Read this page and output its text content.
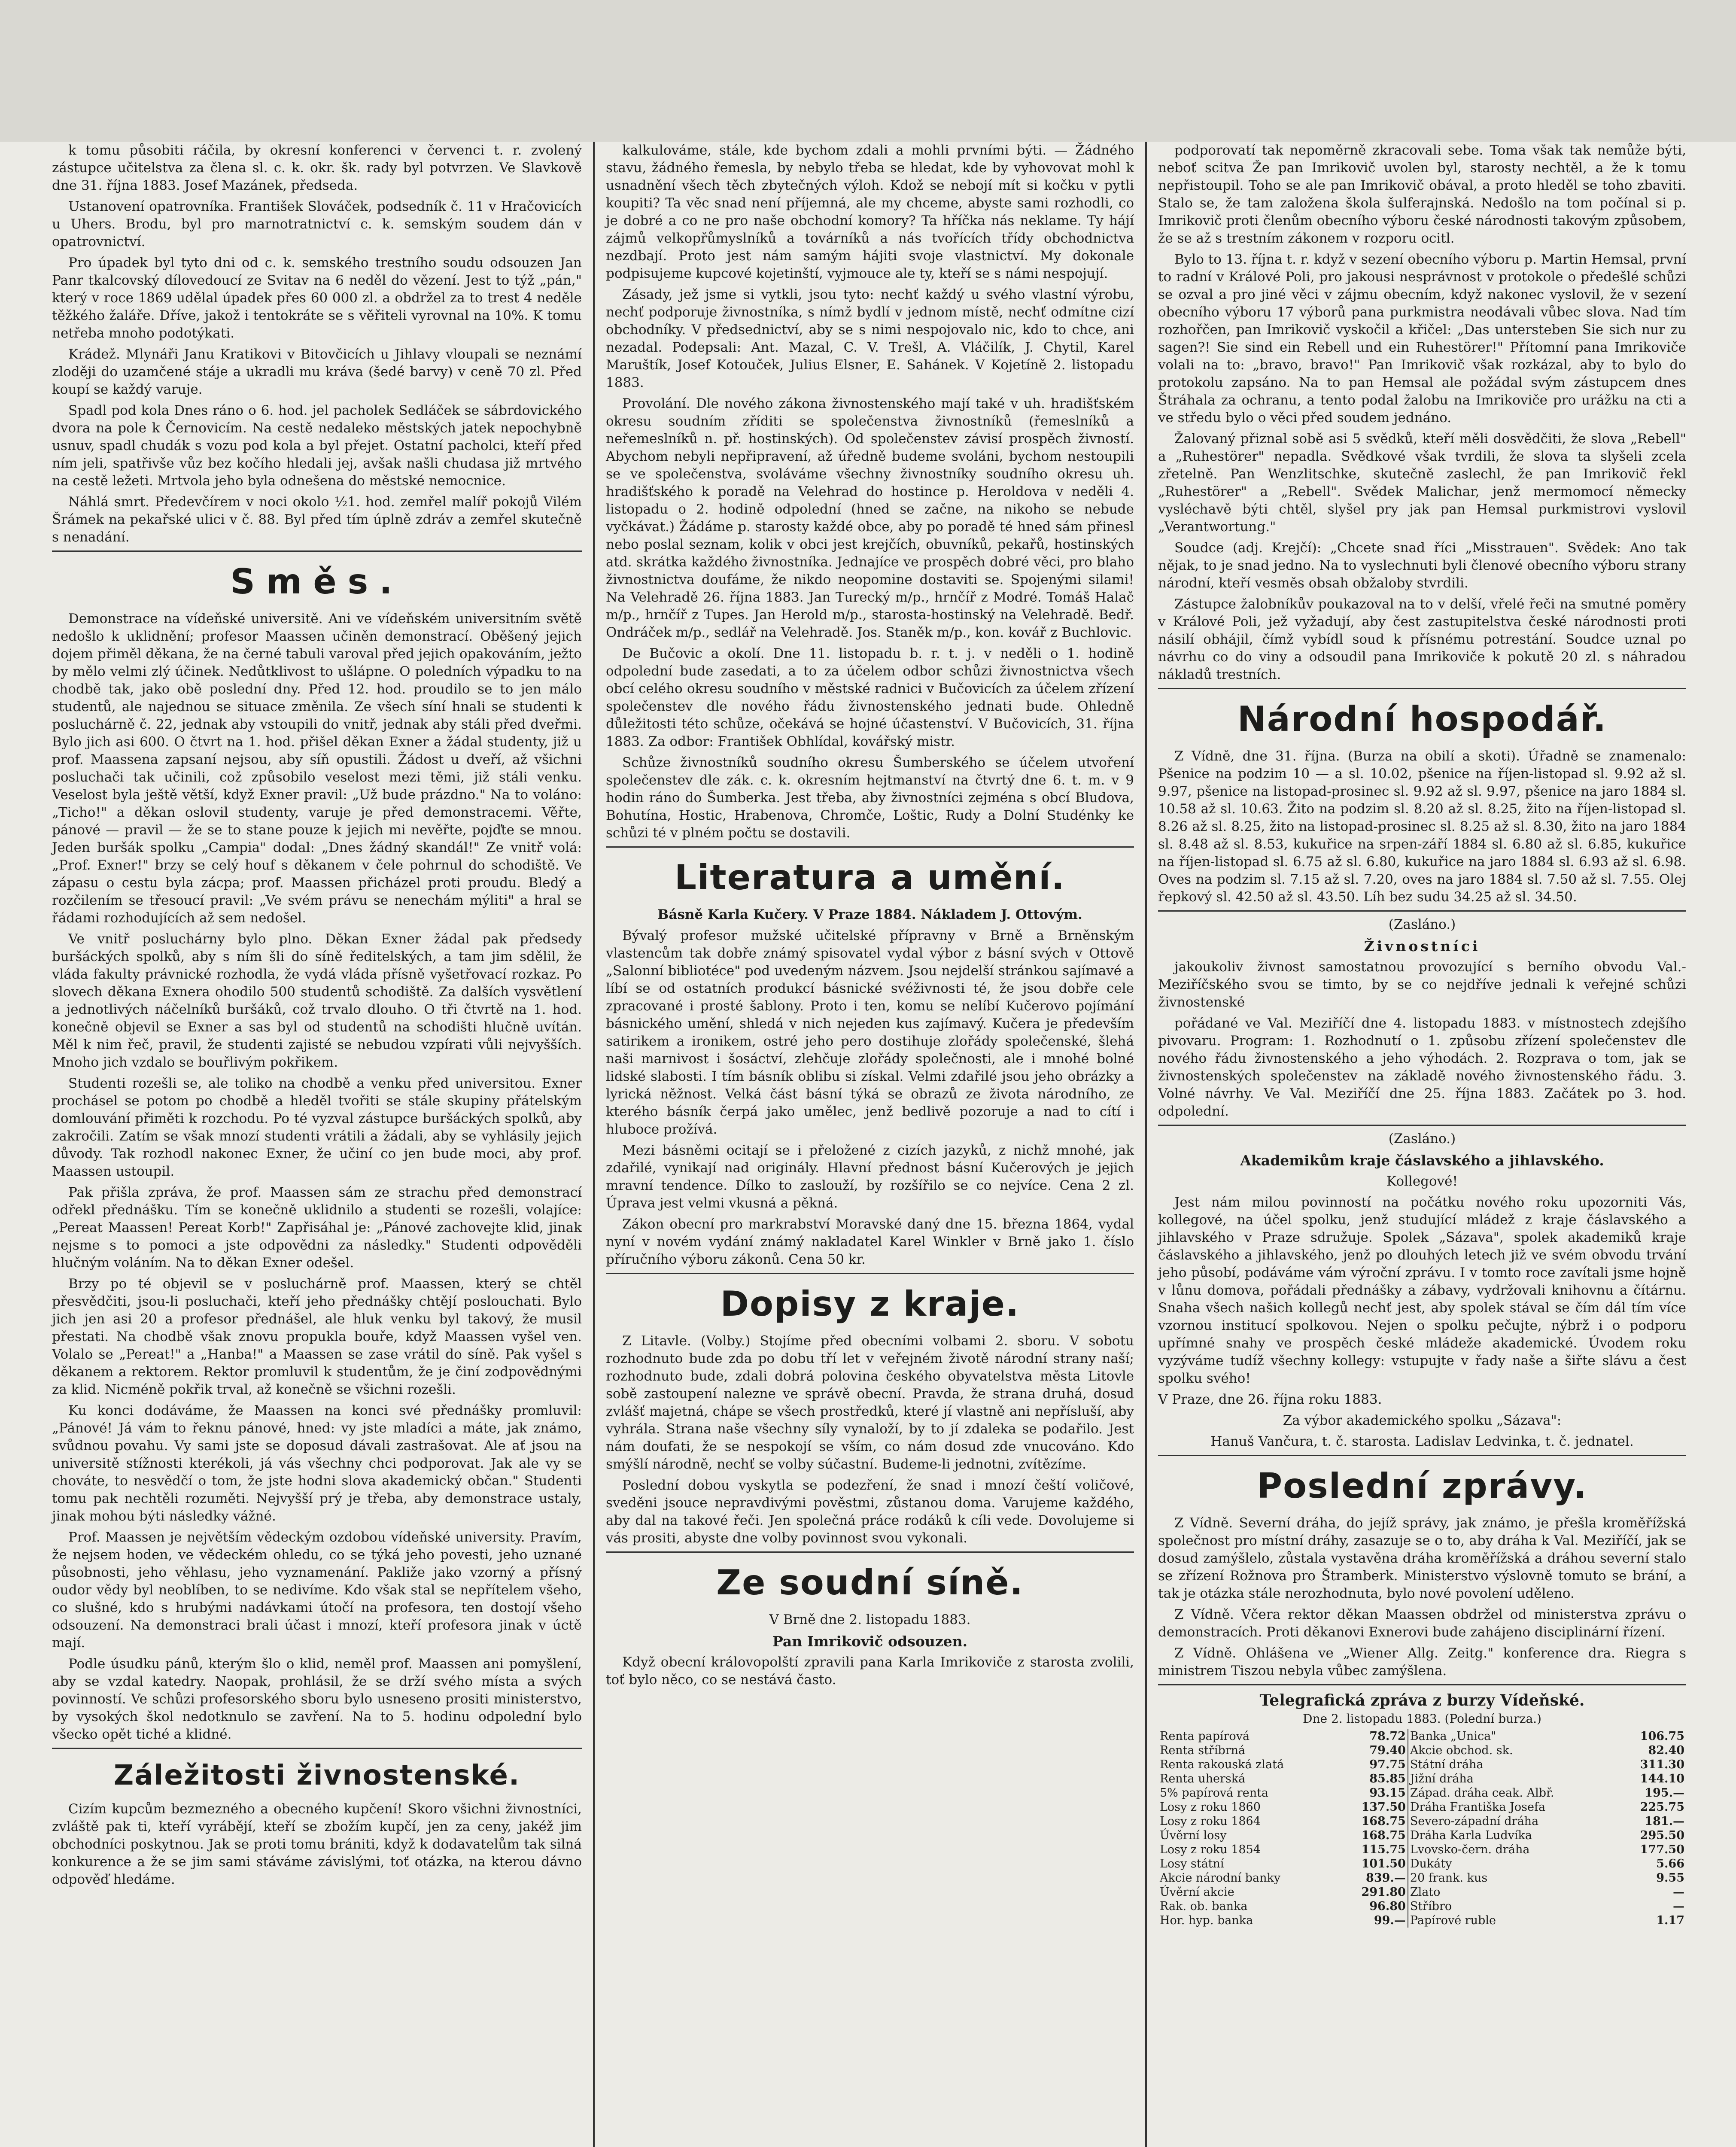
k tomu působiti ráčila, by okresní konferenci v červenci t. r. zvolený zástupce učitelstva za člena sl. c. k. okr. šk. rady byl potvrzen. Ve Slavkově dne 31. října 1883. Josef Mazánek, předseda.

Ustanovení opatrovníka. František Slováček, podsedník č. 11 v Hračovicích u Uhers. Brodu, byl pro marnotratnictví c. k. semským soudem dán v opatrovnictví.

Pro úpadek byl tyto dni od c. k. semského trestního soudu odsouzen Jan Panr tkalcovský dílovedoucí ze Svitav na 6 neděl do vězení. Jest to týž „pán," který v roce 1869 udělal úpadek přes 60 000 zl. a obdržel za to trest 4 neděle těžkého žaláře. Dříve, jakož i tentokráte se s věřiteli vyrovnal na 10%. K tomu netřeba mnoho podotýkati.

Krádež. Mlynáři Janu Kratikovi v Bitovčicích u Jihlavy vloupali se neznámí zloději do uzamčené stáje a ukradli mu kráva (šedé barvy) v ceně 70 zl. Před koupí se každý varuje.

Spadl pod kola Dnes ráno o 6. hod. jel pacholek Sedláček se sábrdovického dvora na pole k Černovicím. Na cestě nedaleko městských jatek nepochybně usnuv, spadl chudák s vozu pod kola a byl přejet. Ostatní pacholci, kteří před ním jeli, spatřivše vůz bez kočího hledali jej, avšak našli chudasa již mrtvého na cestě ležeti. Mrtvola jeho byla odnešena do městské nemocnice.

Náhlá smrt. Předevčírem v noci okolo ½1. hod. zemřel malíř pokojů Vilém Šrámek na pekařské ulici v č. 88. Byl před tím úplně zdráv a zemřel skutečně s nenadání.

Směs.

Demonstrace na vídeňské universitě. Ani ve vídeňském universitním světě nedošlo k uklidnění; profesor Maassen učiněn demonstrací. Oběšený jejich dojem přiměl děkana, že na černé tabuli varoval před jejich opakováním, ježto by mělo velmi zlý účinek. Nedůtklivost to ušlápne. O poledních výpadku to na chodbě tak, jako obě poslední dny. Před 12. hod. proudilo se to jen málo studentů, ale najednou se situace změnila. Ze všech síní hnali se studenti k posluchárně č. 22, jednak aby vstoupili do vnitř, jednak aby stáli před dveřmi. Bylo jich asi 600. O čtvrt na 1. hod. přišel děkan Exner a žádal studenty, již u prof. Maassena zapsaní nejsou, aby síň opustili. Žádost u dveří, až všichni posluchači tak učinili, což způsobilo veselost mezi těmi, již stáli venku. Veselost byla ještě větší, když Exner pravil: „Už bude prázdno." Na to voláno: „Ticho!" a děkan oslovil studenty, varuje je před demonstracemi. Věřte, pánové — pravil — že se to stane pouze k jejich mi nevěřte, pojďte se mnou. Jeden buršák spolku „Campia" dodal: „Dnes žádný skandál!" Ze vnitř volá: „Prof. Exner!" brzy se celý houf s děkanem v čele pohrnul do schodiště. Ve zápasu o cestu byla zácpa; prof. Maassen přicházel proti proudu. Bledý a rozčilením se třesoucí pravil: „Ve svém právu se nenechám mýliti" a hral se řádami rozhodujících až sem nedošel.

Ve vnitř posluchárny bylo plno. Děkan Exner žádal pak předsedy buršáckých spolků, aby s ním šli do síně ředitelských, a tam jim sdělil, že vláda fakulty právnické rozhodla, že vydá vláda přísně vyšetřovací rozkaz. Po slovech děkana Exnera ohodilo 500 studentů schodiště. Za dalších vysvětlení a jednotlivých náčelníků buršáků, což trvalo dlouho. O tři čtvrtě na 1. hod. konečně objevil se Exner a sas byl od studentů na schodišti hlučně uvítán. Měl k nim řeč, pravil, že studenti zajisté se nebudou vzpírati vůli nejvyšších. Mnoho jich vzdalo se bouřlivým pokřikem.

Studenti rozešli se, ale toliko na chodbě a venku před universitou. Exner prochásel se potom po chodbě a hleděl tvořiti se stále skupiny přátelským domlouvání přiměti k rozchodu. Po té vyzval zástupce buršáckých spolků, aby zakročili. Zatím se však mnozí studenti vrátili a žádali, aby se vyhlásily jejich důvody. Tak rozhodl nakonec Exner, že učiní co jen bude moci, aby prof. Maassen ustoupil.

Pak přišla zpráva, že prof. Maassen sám ze strachu před demonstrací odřekl přednášku. Tím se konečně uklidnilo a studenti se rozešli, volajíce: „Pereat Maassen! Pereat Korb!" Zapřisáhal je: „Pánové zachovejte klid, jinak nejsme s to pomoci a jste odpovědni za následky." Studenti odpověděli hlučným voláním. Na to děkan Exner odešel.

Brzy po té objevil se v posluchárně prof. Maassen, který se chtěl přesvědčiti, jsou-li posluchači, kteří jeho přednášky chtějí poslouchati. Bylo jich jen asi 20 a profesor přednášel, ale hluk venku byl takový, že musil přestati. Na chodbě však znovu propukla bouře, když Maassen vyšel ven. Volalo se „Pereat!" a „Hanba!" a Maassen se zase vrátil do síně. Pak vyšel s děkanem a rektorem. Rektor promluvil k studentům, že je činí zodpovědnými za klid. Nicméně pokřik trval, až konečně se všichni rozešli.

Ku konci dodáváme, že Maassen na konci své přednášky promluvil: „Pánové! Já vám to řeknu pánové, hned: vy jste mladíci a máte, jak známo, svůdnou povahu. Vy sami jste se doposud dávali zastrašovat. Ale ať jsou na universitě stížnosti kterékoli, já vás všechny chci podporovat. Jak ale vy se chováte, to nesvědčí o tom, že jste hodni slova akademický občan." Studenti tomu pak nechtěli rozuměti. Nejvyšší prý je třeba, aby demonstrace ustaly, jinak mohou býti následky vážné.

Prof. Maassen je největším vědeckým ozdobou vídeňské university. Pravím, že nejsem hoden, ve vědeckém ohledu, co se týká jeho povesti, jeho uznané působnosti, jeho věhlasu, jeho vyznamenání. Pakliže jako vzorný a přísný oudor vědy byl neoblíben, to se nedivíme. Kdo však stal se nepřítelem všeho, co slušné, kdo s hrubými nadávkami útočí na profesora, ten dostojí všeho odsouzení. Na demonstraci brali účast i mnozí, kteří profesora jinak v úctě mají.

Podle úsudku pánů, kterým šlo o klid, neměl prof. Maassen ani pomyšlení, aby se vzdal katedry. Naopak, prohlásil, že se drží svého místa a svých povinností. Ve schůzi profesorského sboru bylo usneseno prositi ministerstvo, by vysokých škol nedotknulo se zavření. Na to 5. hodinu odpolední bylo všecko opět tiché a klidné.

Záležitosti živnostenské.

Cizím kupcům bezmezného a obecného kupčení! Skoro všichni živnostníci, zvláště pak ti, kteří vyrábějí, kteří se zbožím kupčí, jen za ceny, jakéž jim obchodníci poskytnou. Jak se proti tomu brániti, když k dodavatelům tak silná konkurence a že se jim sami stáváme závislými, toť otázka, na kterou dávno odpověď hledáme.

kalkulováme, stále, kde bychom zdali a mohli prvními býti. — Žádného stavu, žádného řemesla, by nebylo třeba se hledat, kde by vyhovovat mohl k usnadnění všech těch zbytečných výloh. Kdož se nebojí mít si kočku v pytli koupiti? Ta věc snad není příjemná, ale my chceme, abyste sami rozhodli, co je dobré a co ne pro naše obchodní komory? Ta hříčka nás neklame. Ty hájí zájmů velkopřůmyslníků a továrníků a nás tvořících třídy obchodnictva nezdbají. Proto jest nám samým hájiti svoje vlastnictví. My dokonale podpisujeme kupcové kojetinští, vyjmouce ale ty, kteří se s námi nespojují.

Zásady, jež jsme si vytkli, jsou tyto: nechť každý u svého vlastní výrobu, nechť podporuje živnostníka, s nímž bydlí v jednom místě, nechť odmítne cizí obchodníky. V předsednictví, aby se s nimi nespojovalo nic, kdo to chce, ani nezadal. Podepsali: Ant. Mazal, C. V. Trešl, A. Vláčilík, J. Chytil, Karel Maruštík, Josef Kotouček, Julius Elsner, E. Sahánek. V Kojetíně 2. listopadu 1883.

Provolání. Dle nového zákona živnostenského mají také v uh. hradišťském okresu soudním zříditi se společenstva živnostníků (řemeslníků a neřemeslníků n. př. hostinských). Od společenstev závisí prospěch živností. Abychom nebyli nepřipravení, až úředně budeme svoláni, bychom nestoupili se ve společenstva, svoláváme všechny živnostníky soudního okresu uh. hradišťského k poradě na Velehrad do hostince p. Heroldova v neděli 4. listopadu o 2. hodině odpolední (hned se začne, na nikoho se nebude vyčkávat.) Žádáme p. starosty každé obce, aby po poradě té hned sám přinesl nebo poslal seznam, kolik v obci jest krejčích, obuvníků, pekařů, hostinských atd. skrátka každého živnostníka. Jednajíce ve prospěch dobré věci, pro blaho živnostnictva doufáme, že nikdo neopomine dostaviti se. Spojenými silami! Na Velehradě 26. října 1883. Jan Turecký m/p., hrnčíř z Modré. Tomáš Halač m/p., hrnčíř z Tupes. Jan Herold m/p., starosta-hostinský na Velehradě. Bedř. Ondráček m/p., sedlář na Velehradě. Jos. Staněk m/p., kon. kovář z Buchlovic.

De Bučovic a okolí. Dne 11. listopadu b. r. t. j. v neděli o 1. hodině odpolední bude zasedati, a to za účelem odbor schůzi živnostnictva všech obcí celého okresu soudního v městské radnici v Bučovicích za účelem zřízení společenstev dle nového řádu živnostenského jednati bude. Ohledně důležitosti této schůze, očekává se hojné účastenství. V Bučovicích, 31. října 1883. Za odbor: František Obhlídal, kovářský mistr.

Schůze živnostníků soudního okresu Šumberského se účelem utvoření společenstev dle zák. c. k. okresním hejtmanství na čtvrtý dne 6. t. m. v 9 hodin ráno do Šumberka. Jest třeba, aby živnostníci zejména s obcí Bludova, Bohutína, Hostic, Hrabenova, Chromče, Loštic, Rudy a Dolní Studénky ke schůzi té v plném počtu se dostavili.

Literatura a umění.

Básně Karla Kučery. V Praze 1884. Nákladem J. Ottovým.

Bývalý profesor mužské učitelské přípravny v Brně a Brněnským vlastencům tak dobře známý spisovatel vydal výbor z básní svých v Ottově „Salonní bibliotéce" pod uvedeným názvem. Jsou nejdelší stránkou sajímavé a líbí se od ostatních produkcí básnické svéživnosti té, že jsou dobře cele zpracované i prosté šablony. Proto i ten, komu se nelíbí Kučerovo pojímání básnického umění, shledá v nich nejeden kus zajímavý. Kučera je především satirikem a ironikem, ostré jeho pero dostihuje zlořády společenské, šlehá naši marnivost i šosáctví, zlehčuje zlořády společnosti, ale i mnohé bolné lidské slabosti. I tím básník oblibu si získal. Velmi zdařilé jsou jeho obrázky a lyrická něžnost. Velká část básní týká se obrazů ze života národního, ze kterého básník čerpá jako umělec, jenž bedlivě pozoruje a nad to cítí i hluboce prožívá.

Mezi básněmi ocitají se i přeložené z cizích jazyků, z nichž mnohé, jak zdařilé, vynikají nad originály. Hlavní přednost básní Kučerových je jejich mravní tendence. Dílko to zaslouží, by rozšířilo se co nejvíce. Cena 2 zl. Úprava jest velmi vkusná a pěkná.

Zákon obecní pro markrabství Moravské daný dne 15. března 1864, vydal nyní v novém vydání známý nakladatel Karel Winkler v Brně jako 1. číslo příručního výboru zákonů. Cena 50 kr.

Dopisy z kraje.

Z Litavle. (Volby.) Stojíme před obecními volbami 2. sboru. V sobotu rozhodnuto bude zda po dobu tří let v veřejném životě národní strany naší; rozhodnuto bude, zdali dobrá polovina českého obyvatelstva města Litovle sobě zastoupení nalezne ve správě obecní. Pravda, že strana druhá, dosud zvlášť majetná, chápe se všech prostředků, které jí vlastně ani nepřísluší, aby vyhrála. Strana naše všechny síly vynaloží, by to jí zdaleka se podařilo. Jest nám doufati, že se nespokojí se vším, co nám dosud zde vnucováno. Kdo smýšlí národně, nechť se volby súčastní. Budeme-li jednotni, zvítězíme.

Poslední dobou vyskytla se podezření, že snad i mnozí čeští voličové, sveděni jsouce nepravdivými pověstmi, zůstanou doma. Varujeme každého, aby dal na takové řeči. Jen společná práce rodáků k cíli vede. Dovolujeme si vás prositi, abyste dne volby povinnost svou vykonali.

Ze soudní síně.

V Brně dne 2. listopadu 1883.

Pan Imrikovič odsouzen.

Když obecní královopolští zpravili pana Karla Imrikoviče z starosta zvolili, toť bylo něco, co se nestává často.

podporovatí tak nepoměrně zkracovali sebe. Toma však tak nemůže býti, neboť scitva Že pan Imrikovič uvolen byl, starosty nechtěl, a že k tomu nepřistoupil. Toho se ale pan Imrikovič obával, a proto hleděl se toho zbaviti. Stalo se, že tam založena škola šulferajnská. Nedošlo na tom počínal si p. Imrikovič proti členům obecního výboru české národnosti takovým způsobem, že se až s trestním zákonem v rozporu ocitl.

Bylo to 13. října t. r. když v sezení obecního výboru p. Martin Hemsal, první to radní v Králové Poli, pro jakousi nesprávnost v protokole o předešlé schůzi se ozval a pro jiné věci v zájmu obecním, když nakonec vyslovil, že v sezení obecního výboru 17 výborů pana purkmistra neodávali vůbec slova. Nad tím rozhořčen, pan Imrikovič vyskočil a křičel: „Das untersteben Sie sich nur zu sagen?! Sie sind ein Rebell und ein Ruhestörer!" Přítomní pana Imrikoviče volali na to: „bravo, bravo!" Pan Imrikovič však rozkázal, aby to bylo do protokolu zapsáno. Na to pan Hemsal ale požádal svým zástupcem dnes Štráhala za ochranu, a tento podal žalobu na Imrikoviče pro urážku na cti a ve středu bylo o věci před soudem jednáno.

Žalovaný přiznal sobě asi 5 svědků, kteří měli dosvědčiti, že slova „Rebell" a „Ruhestörer" nepadla. Svědkové však tvrdili, že slova ta slyšeli zcela zřetelně. Pan Wenzlitschke, skutečně zaslechl, že pan Imrikovič řekl „Ruhestörer" a „Rebell". Svědek Malichar, jenž mermomocí německy vysléchavě býti chtěl, slyšel pry jak pan Hemsal purkmistrovi vyslovil „Verantwortung."

Soudce (adj. Krejčí): „Chcete snad říci „Misstrauen". Svědek: Ano tak nějak, to je snad jedno. Na to vyslechnuti byli členové obecního výboru strany národní, kteří vesměs obsah obžaloby stvrdili.

Zástupce žalobníkův poukazoval na to v delší, vřelé řeči na smutné poměry v Králové Poli, jež vyžadují, aby čest zastupitelstva české národnosti proti násilí obhájil, čímž vybídl soud k přísnému potrestání. Soudce uznal po návrhu co do viny a odsoudil pana Imrikoviče k pokutě 20 zl. s náhradou nákladů trestních.

Národní hospodář.

Z Vídně, dne 31. října. (Burza na obilí a skoti). Úřadně se znamenalo: Pšenice na podzim 10 — a sl. 10.02, pšenice na říjen-listopad sl. 9.92 až sl. 9.97, pšenice na listopad-prosinec sl. 9.92 až sl. 9.97, pšenice na jaro 1884 sl. 10.58 až sl. 10.63. Žito na podzim sl. 8.20 až sl. 8.25, žito na říjen-listopad sl. 8.26 až sl. 8.25, žito na listopad-prosinec sl. 8.25 až sl. 8.30, žito na jaro 1884 sl. 8.48 až sl. 8.53, kukuřice na srpen-září 1884 sl. 6.80 až sl. 6.85, kukuřice na říjen-listopad sl. 6.75 až sl. 6.80, kukuřice na jaro 1884 sl. 6.93 až sl. 6.98. Oves na podzim sl. 7.15 až sl. 7.20, oves na jaro 1884 sl. 7.50 až sl. 7.55. Olej řepkový sl. 42.50 až sl. 43.50. Líh bez sudu 34.25 až sl. 34.50.

(Zasláno.)

Živnostníci

jakoukoliv živnost samostatnou provozující s berního obvodu Val.-Meziříčského svou se timto, by se co nejdříve jednali k veřejné schůzi živnostenské

pořádané ve Val. Meziříčí dne 4. listopadu 1883. v místnostech zdejšího pivovaru. Program: 1. Rozhodnutí o 1. způsobu zřízení společenstev dle nového řádu živnostenského a jeho výhodách. 2. Rozprava o tom, jak se živnostenských společenstev na základě nového živnostenského řádu. 3. Volné návrhy. Ve Val. Meziříčí dne 25. října 1883. Začátek po 3. hod. odpolední.

(Zasláno.)

Akademikům kraje čáslavského a jihlavského.

Kollegové!

Jest nám milou povinností na počátku nového roku upozorniti Vás, kollegové, na účel spolku, jenž studující mládež z kraje čáslavského a jihlavského v Praze sdružuje. Spolek „Sázava", spolek akademiků kraje čáslavského a jihlavského, jenž po dlouhých letech již ve svém obvodu trvání jeho působí, podáváme vám výroční zprávu. I v tomto roce zavítali jsme hojně v lůnu domova, pořádali přednášky a zábavy, vydržovali knihovnu a čítárnu. Snaha všech našich kollegů nechť jest, aby spolek stával se čím dál tím více vzornou institucí spolkovou. Nejen o spolku pečujte, nýbrž i o podporu upřímné snahy ve prospěch české mládeže akademické. Úvodem roku vyzýváme tudíž všechny kollegy: vstupujte v řady naše a šiřte slávu a čest spolku svého!

V Praze, dne 26. října roku 1883.

Za výbor akademického spolku „Sázava":

Hanuš Vančura, t. č. starosta. Ladislav Ledvinka, t. č. jednatel.

Poslední zprávy.

Z Vídně. Severní dráha, do jejíž správy, jak známo, je přešla kroměřížská společnost pro místní dráhy, zasazuje se o to, aby dráha k Val. Meziříčí, jak se dosud zamýšlelo, zůstala vystavěna dráha kroměřížská a dráhou severní stalo se zřízení Rožnova pro Štramberk. Ministerstvo výslovně tomuto se brání, a tak je otázka stále nerozhodnuta, bylo nové povolení uděleno.

Z Vídně. Včera rektor děkan Maassen obdržel od ministerstva zprávu o demonstracích. Proti děkanovi Exnerovi bude zahájeno disciplinární řízení.

Z Vídně. Ohlášena ve „Wiener Allg. Zeitg." konference dra. Riegra s ministrem Tiszou nebyla vůbec zamýšlena.

Telegrafická zpráva z burzy Vídeňské.
Dne 2. listopadu 1883. (Polední burza.)
Renta papírová	78.72	Banka „Unica"	106.75
Renta stříbrná	79.40	Akcie obchod. sk.	82.40
Renta rakouská zlatá	97.75	Státní dráha	311.30
Renta uherská	85.85	Jižní dráha	144.10
5% papírová renta	93.15	Západ. dráha ceak. Albř.	195.—
Losy z roku 1860	137.50	Dráha Františka Josefa	225.75
Losy z roku 1864	168.75	Severo-západní dráha	181.—
Úvěrní losy	168.75	Dráha Karla Ludvíka	295.50
Losy z roku 1854	115.75	Lvovsko-čern. dráha	177.50
Losy státní	101.50	Dukáty	5.66
Akcie národní banky	839.—	20 frank. kus	9.55
Úvěrní akcie	291.80	Zlato	—
Rak. ob. banka	96.80	Stříbro	—
Hor. hyp. banka	99.—	Papírové ruble	1.17
